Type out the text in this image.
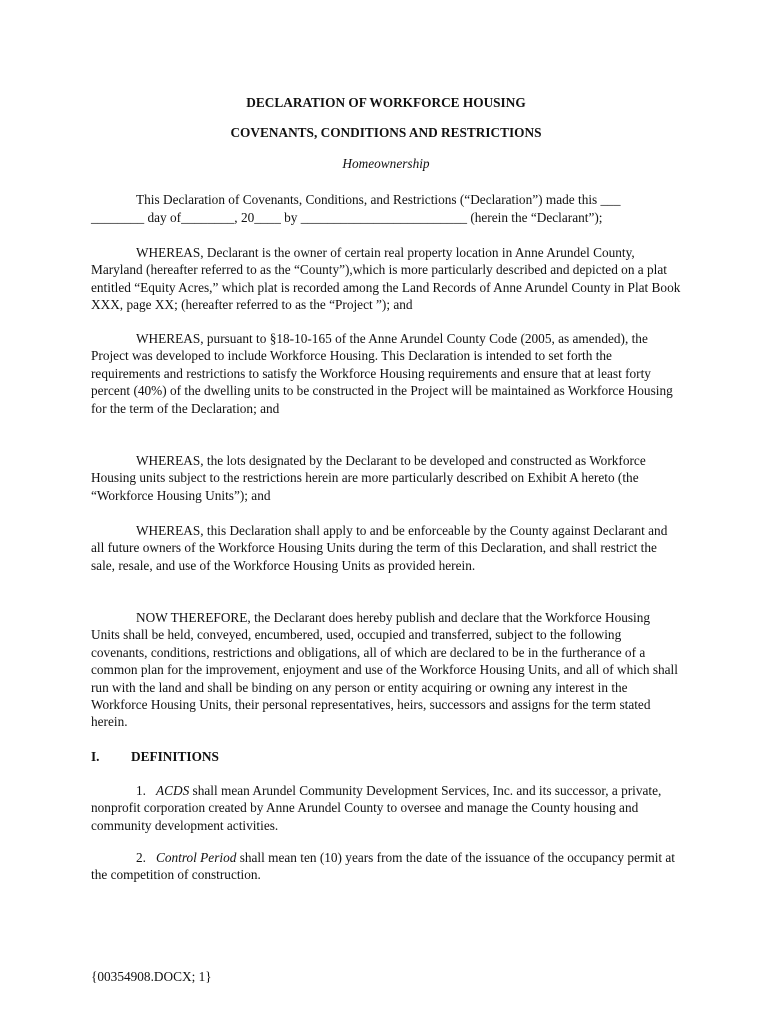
DECLARATION OF WORKFORCE HOUSING
COVENANTS, CONDITIONS AND RESTRICTIONS
Homeownership
This Declaration of Covenants, Conditions, and Restrictions (“Declaration”) made this ___
________ day of________, 20____ by _________________________ (herein the “Declarant”);
WHEREAS, Declarant is the owner of certain real property location in Anne Arundel County, Maryland (hereafter referred to as the “County”),which is more particularly described and depicted on a plat entitled “Equity Acres,” which plat is recorded among the Land Records of Anne Arundel County in Plat Book XXX, page XX; (hereafter referred to as the “Project ”); and
WHEREAS, pursuant to §18-10-165 of the Anne Arundel County Code (2005, as amended), the Project was developed to include Workforce Housing. This Declaration is intended to set forth the requirements and restrictions to satisfy the Workforce Housing requirements and ensure that at least forty percent (40%) of the dwelling units to be constructed in the Project will be maintained as Workforce Housing for the term of the Declaration; and
WHEREAS, the lots designated by the Declarant to be developed and constructed as Workforce Housing units subject to the restrictions herein are more particularly described on Exhibit A hereto (the “Workforce Housing Units”); and
WHEREAS, this Declaration shall apply to and be enforceable by the County against Declarant and all future owners of the Workforce Housing Units during the term of this Declaration, and shall restrict the sale, resale, and use of the Workforce Housing Units as provided herein.
NOW THEREFORE, the Declarant does hereby publish and declare that the Workforce Housing Units shall be held, conveyed, encumbered, used, occupied and transferred, subject to the following covenants, conditions, restrictions and obligations, all of which are declared to be in the furtherance of a common plan for the improvement, enjoyment and use of the Workforce Housing Units, and all of which shall run with the land and shall be binding on any person or entity acquiring or owning any interest in the Workforce Housing Units, their personal representatives, heirs, successors and assigns for the term stated herein.
I. DEFINITIONS
1. ACDS shall mean Arundel Community Development Services, Inc. and its successor, a private, nonprofit corporation created by Anne Arundel County to oversee and manage the County housing and community development activities.
2. Control Period shall mean ten (10) years from the date of the issuance of the occupancy permit at the competition of construction.
{00354908.DOCX; 1}
